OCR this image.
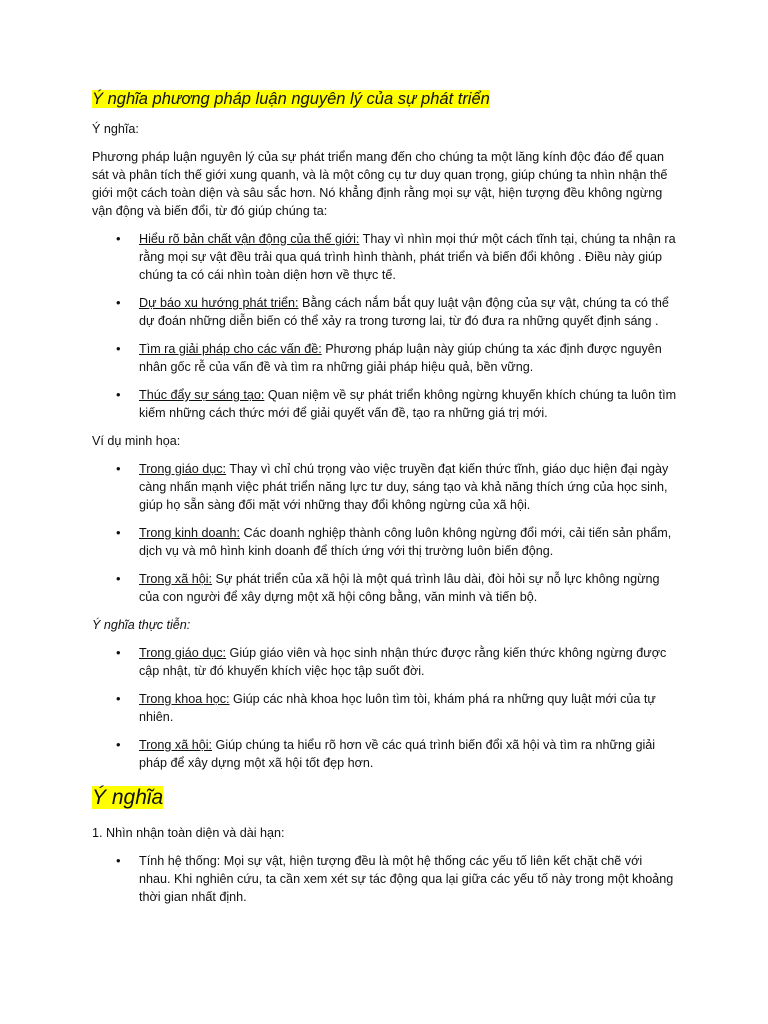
Ý nghĩa phương pháp luận nguyên lý của sự phát triển
Ý nghĩa:

Phương pháp luận nguyên lý của sự phát triển mang đến cho chúng ta một lăng kính độc đáo để quan sát và phân tích thế giới xung quanh, và là một công cụ tư duy quan trọng, giúp chúng ta nhìn nhận thế giới một cách toàn diện và sâu sắc hơn. Nó khẳng định rằng mọi sự vật, hiện tượng đều không ngừng vận động và biến đổi, từ đó giúp chúng ta:

• Hiểu rõ bản chất vận động của thế giới: Thay vì nhìn mọi thứ một cách tĩnh tại, chúng ta nhận ra rằng mọi sự vật đều trải qua quá trình hình thành, phát triển và biến đổi không . Điều này giúp chúng ta có cái nhìn toàn diện hơn về thực tế.
• Dự báo xu hướng phát triển: Bằng cách nắm bắt quy luật vận động của sự vật, chúng ta có thể dự đoán những diễn biến có thể xảy ra trong tương lai, từ đó đưa ra những quyết định sáng .
• Tìm ra giải pháp cho các vấn đề: Phương pháp luận này giúp chúng ta xác định được nguyên nhân gốc rễ của vấn đề và tìm ra những giải pháp hiệu quả, bền vững.
• Thúc đẩy sự sáng tạo: Quan niệm về sự phát triển không ngừng khuyến khích chúng ta luôn tìm kiếm những cách thức mới để giải quyết vấn đề, tạo ra những giá trị mới.
Ví dụ minh họa:
• Trong giáo dục: Thay vì chỉ chú trọng vào việc truyền đạt kiến thức tĩnh, giáo dục hiện đại ngày càng nhấn mạnh việc phát triển năng lực tư duy, sáng tạo và khả năng thích ứng của học sinh, giúp họ sẵn sàng đối mặt với những thay đổi không ngừng của xã hội.
• Trong kinh doanh: Các doanh nghiệp thành công luôn không ngừng đổi mới, cải tiến sản phẩm, dịch vụ và mô hình kinh doanh để thích ứng với thị trường luôn biến động.
• Trong xã hội: Sự phát triển của xã hội là một quá trình lâu dài, đòi hỏi sự nỗ lực không ngừng của con người để xây dựng một xã hội công bằng, văn minh và tiến bộ.
Ý nghĩa thực tiễn:
• Trong giáo dục: Giúp giáo viên và học sinh nhận thức được rằng kiến thức không ngừng được cập nhật, từ đó khuyến khích việc học tập suốt đời.
• Trong khoa học: Giúp các nhà khoa học luôn tìm tòi, khám phá ra những quy luật mới của tự nhiên.
• Trong xã hội: Giúp chúng ta hiểu rõ hơn về các quá trình biến đổi xã hội và tìm ra những giải pháp để xây dựng một xã hội tốt đẹp hơn.
Ý nghĩa
1. Nhìn nhận toàn diện và dài hạn:
• Tính hệ thống: Mọi sự vật, hiện tượng đều là một hệ thống các yếu tố liên kết chặt chẽ với nhau. Khi nghiên cứu, ta cần xem xét sự tác động qua lại giữa các yếu tố này trong một khoảng thời gian nhất định.
